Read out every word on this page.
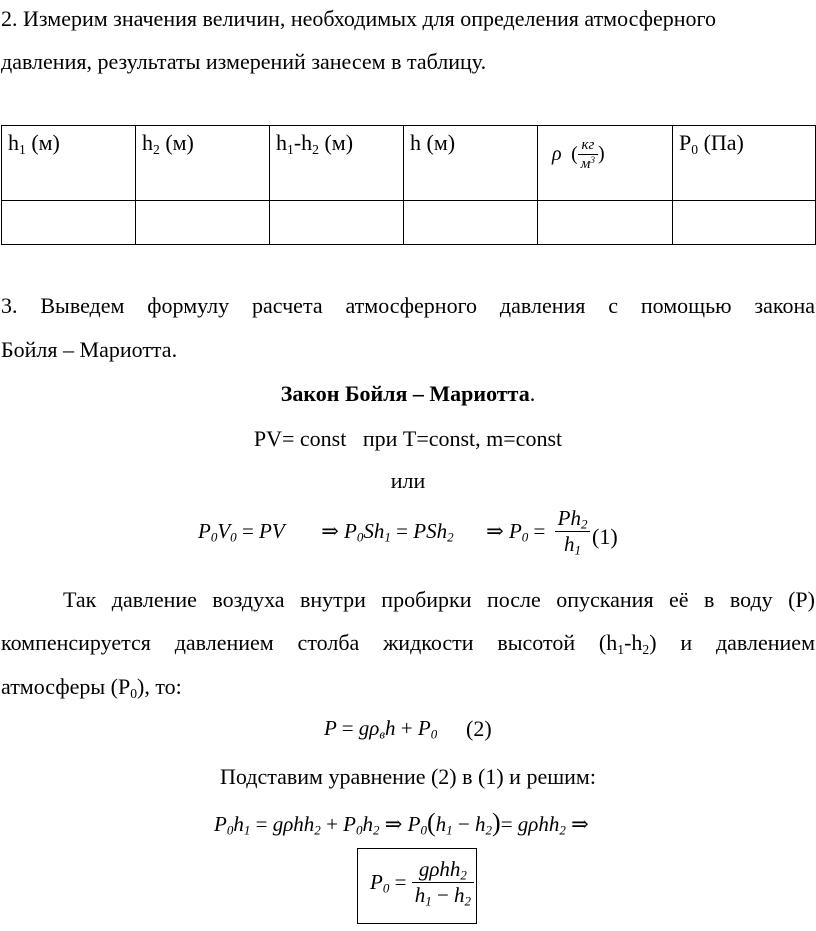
2. Измерим значения величин, необходимых для определения атмосферного
давления, результаты измерений занесем в таблицу.
$h_1$ (м)	$h_2$ (м)	$h_1-h_2$ (м)	h (м)	ρ ( $\frac{кг}{м^3}$ )	$P_0$ (Па)

3. Выведем формулу расчета атмосферного давления с помощью закона
Бойля – Мариотта.
Закон Бойля – Мариотта.
PV= const   при T=const, m=const
или
$P_0V_0$ = PV ⇒ $P_0Sh_1 = PSh_2$ ⇒ $P_0 = \frac{Ph_2}{h_1} (1)$
Так давление воздуха внутри пробирки после опускания её в воду (P)
компенсируется давлением столба жидкости высотой $(h_1-h_2)$ и давлением
атмосферы $(P_0)$, то:
$P = g\rho_вh + P_0$ (2)
Подставим уравнение (2) в (1) и решим:
$P_0h_1 = g\rho hh_2 + P_0h_2$ ⇒ $P_0(h_1 - h_2)= g\rho hh_2$ ⇒
$P_0 = \frac{g\rho hh_2}{h_1 - h_2}$
